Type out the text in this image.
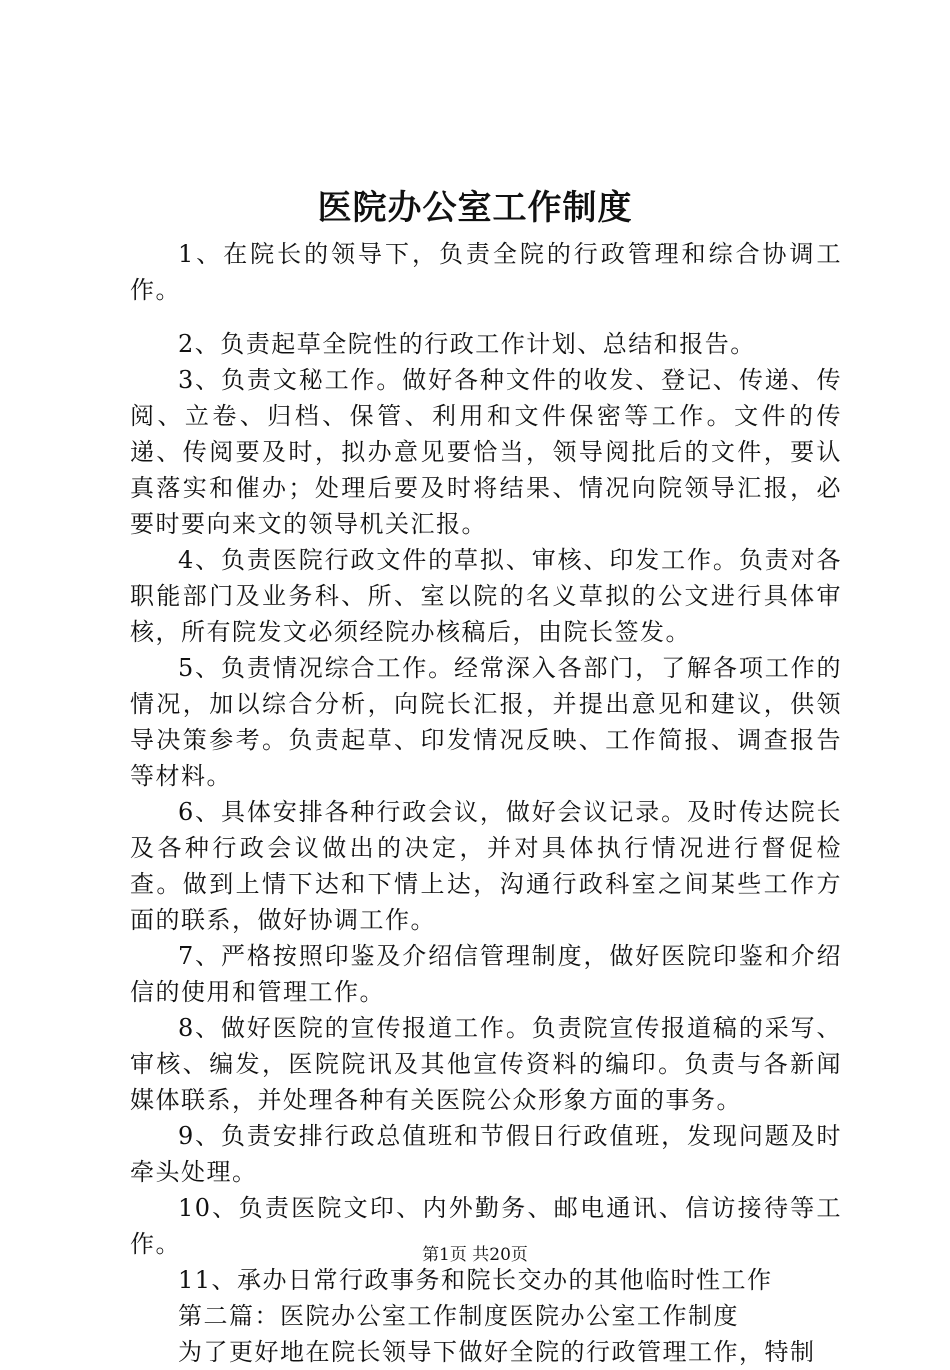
医院办公室工作制度

1、在院长的领导下，负责全院的行政管理和综合协调工作。

2、负责起草全院性的行政工作计划、总结和报告。

3、负责文秘工作。做好各种文件的收发、登记、传递、传阅、立卷、归档、保管、利用和文件保密等工作。文件的传递、传阅要及时，拟办意见要恰当，领导阅批后的文件，要认真落实和催办；处理后要及时将结果、情况向院领导汇报，必要时要向来文的领导机关汇报。

4、负责医院行政文件的草拟、审核、印发工作。负责对各职能部门及业务科、所、室以院的名义草拟的公文进行具体审核，所有院发文必须经院办核稿后，由院长签发。

5、负责情况综合工作。经常深入各部门，了解各项工作的情况，加以综合分析，向院长汇报，并提出意见和建议，供领导决策参考。负责起草、印发情况反映、工作简报、调查报告等材料。

6、具体安排各种行政会议，做好会议记录。及时传达院长及各种行政会议做出的决定，并对具体执行情况进行督促检查。做到上情下达和下情上达，沟通行政科室之间某些工作方面的联系，做好协调工作。

7、严格按照印鉴及介绍信管理制度，做好医院印鉴和介绍信的使用和管理工作。

8、做好医院的宣传报道工作。负责院宣传报道稿的采写、审核、编发，医院院讯及其他宣传资料的编印。负责与各新闻媒体联系，并处理各种有关医院公众形象方面的事务。

9、负责安排行政总值班和节假日行政值班，发现问题及时牵头处理。

10、负责医院文印、内外勤务、邮电通讯、信访接待等工作。

11、承办日常行政事务和院长交办的其他临时性工作

第二篇：医院办公室工作制度医院办公室工作制度

为了更好地在院长领导下做好全院的行政管理工作，特制

第1页 共20页
